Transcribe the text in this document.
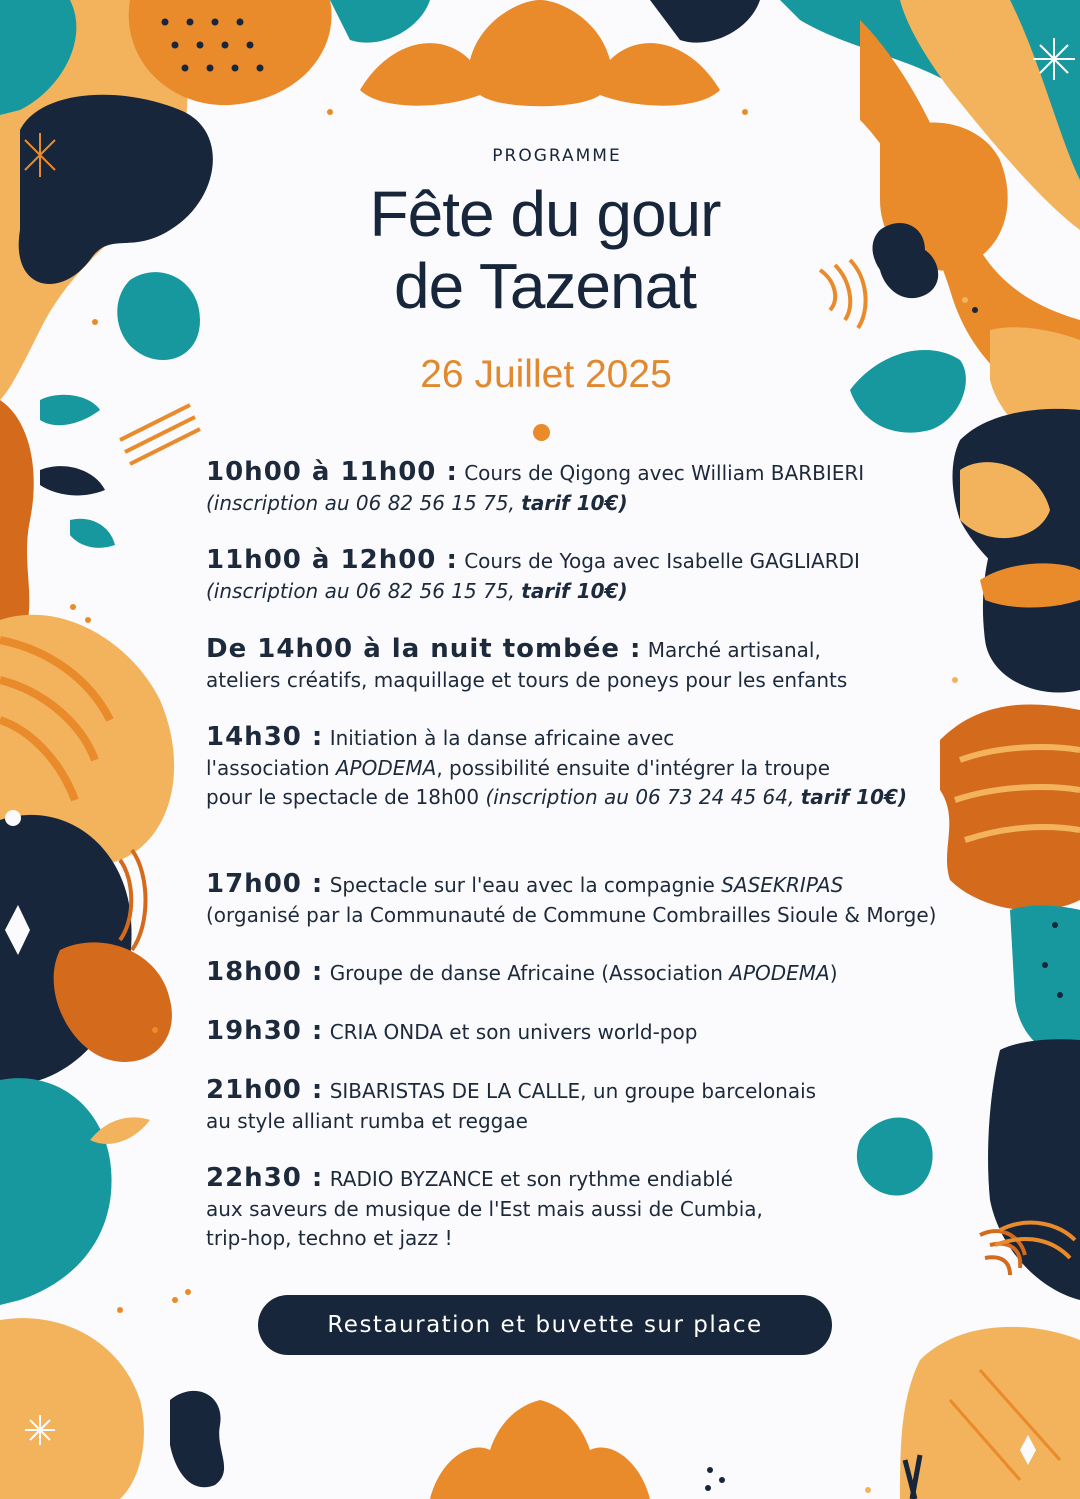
PROGRAMME
Fête du gour
de Tazenat
26 Juillet 2025
10h00 à 11h00 : Cours de Qigong avec William BARBIERI
(inscription au 06 82 56 15 75, tarif 10€)
11h00 à 12h00 : Cours de Yoga avec Isabelle GAGLIARDI
(inscription au 06 82 56 15 75, tarif 10€)
De 14h00 à la nuit tombée : Marché artisanal,
ateliers créatifs, maquillage et tours de poneys pour les enfants
14h30 : Initiation à la danse africaine avec
l'association APODEMA, possibilité ensuite d'intégrer la troupe
pour le spectacle de 18h00 (inscription au 06 73 24 45 64, tarif 10€)
17h00 : Spectacle sur l'eau avec la compagnie SASEKRIPAS
(organisé par la Communauté de Commune Combrailles Sioule & Morge)
18h00 : Groupe de danse Africaine (Association APODEMA)
19h30 : CRIA ONDA et son univers world-pop
21h00 : SIBARISTAS DE LA CALLE, un groupe barcelonais
au style alliant rumba et reggae
22h30 : RADIO BYZANCE et son rythme endiablé
aux saveurs de musique de l'Est mais aussi de Cumbia,
trip-hop, techno et jazz !
Restauration et buvette sur place
